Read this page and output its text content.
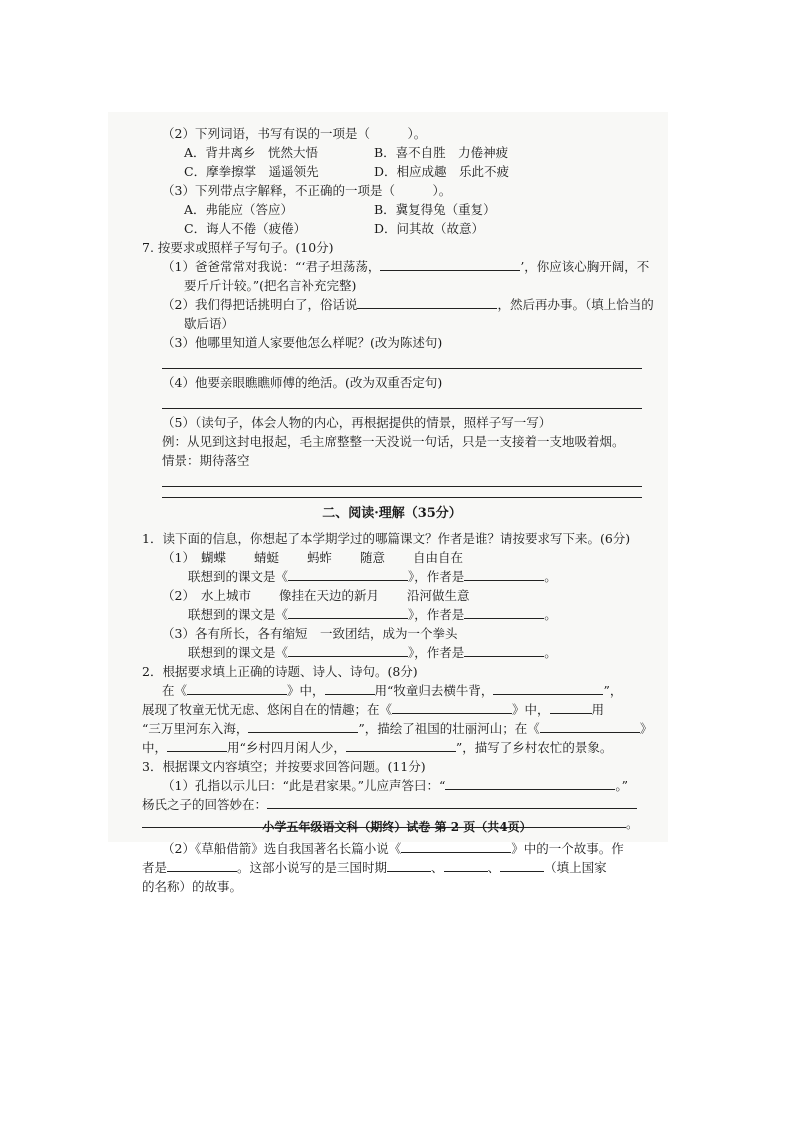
（2）下列词语，书写有误的一项是（　　　）。
A．背井离乡　恍然大悟	B．喜不自胜　力倦神疲
C．摩拳擦掌　遥遥领先	D．相应成趣　乐此不疲
（3）下列带点字解释，不正确的一项是（　　　）。
A．弗能应（答应）	B．冀复得兔（重复）
C．诲人不倦（疲倦）	D．问其故（故意）
7. 按要求或照样子写句子。(10分)
（1）爸爸常常对我说：“‘君子坦荡荡，	’，你应该心胸开阔，不
要斤斤计较。”(把名言补充完整)
（2）我们得把话挑明白了，俗话说	，然后再办事。（填上恰当的
歇后语）
（3）他哪里知道人家要他怎么样呢？(改为陈述句)
（4）他要亲眼瞧瞧师傅的绝活。(改为双重否定句)
（5）（读句子，体会人物的内心，再根据提供的情景，照样子写一写）
例：从见到这封电报起，毛主席整整一天没说一句话，只是一支接着一支地吸着烟。
情景：期待落空
二、阅读·理解（35分）
1．读下面的信息，你想起了本学期学过的哪篇课文？作者是谁？请按要求写下来。(6分)
（1） 蝴蝶 蜻蜓 蚂蚱 随意 自由自在
联想到的课文是《	》，作者是	。
（2） 水上城市 像挂在天边的新月 沿河做生意
联想到的课文是《	》，作者是	。
（3）各有所长，各有缩短　一致团结，成为一个拳头
联想到的课文是《	》，作者是	。
2．根据要求填上正确的诗题、诗人、诗句。(8分)
在《	》中，	用“牧童归去横牛背，	”，
展现了牧童无忧无虑、悠闲自在的情趣；在《	》中，	用
“三万里河东入海，	”，描绘了祖国的壮丽河山；在《	》
中，	用“乡村四月闲人少，	”，描写了乡村农忙的景象。
3．根据课文内容填空；并按要求回答问题。(11分)
（1）孔指以示儿曰：“此是君家果。”儿应声答曰：“	。”
杨氏之子的回答妙在：
。
（2）《草船借箭》选自我国著名长篇小说《	》中的一个故事。作
者是	。这部小说写的是三国时期	、	、	（填上国家
的名称）的故事。
小学五年级语文科（期终）试卷 第 2 页（共4页）
